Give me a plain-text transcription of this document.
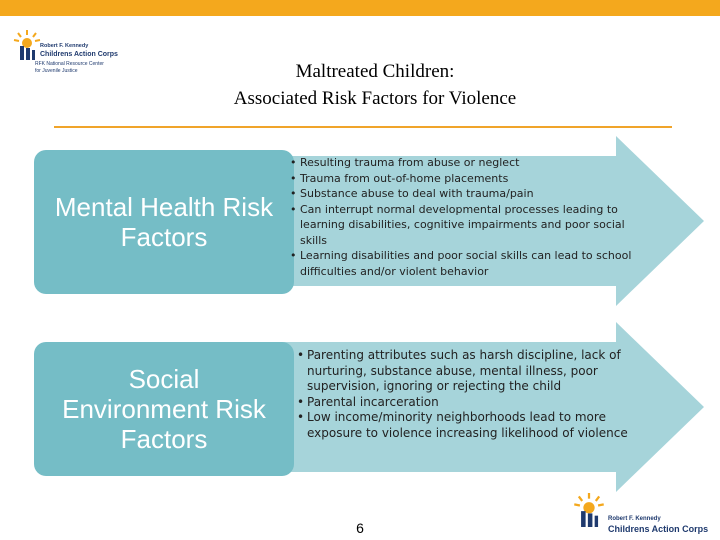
Robert F. Kennedy
Childrens Action Corps
RFK National Resource Center
for Juvenile Justice	Maltreated Children:
Associated Risk Factors for Violence
Mental Health Risk Factors
• Resulting trauma from abuse or neglect
• Trauma from out-of-home placements
• Substance abuse to deal with trauma/pain
• Can interrupt normal developmental processes leading to learning disabilities, cognitive impairments and poor social skills
• Learning disabilities and poor social skills can lead to school difficulties and/or violent behavior
Social Environment Risk Factors
• Parenting attributes such as harsh discipline, lack of nurturing, substance abuse, mental illness, poor supervision, ignoring or rejecting the child
• Parental incarceration
• Low income/minority neighborhoods lead to more exposure to violence increasing likelihood of violence
6
Robert F. Kennedy
Childrens Action Corps
